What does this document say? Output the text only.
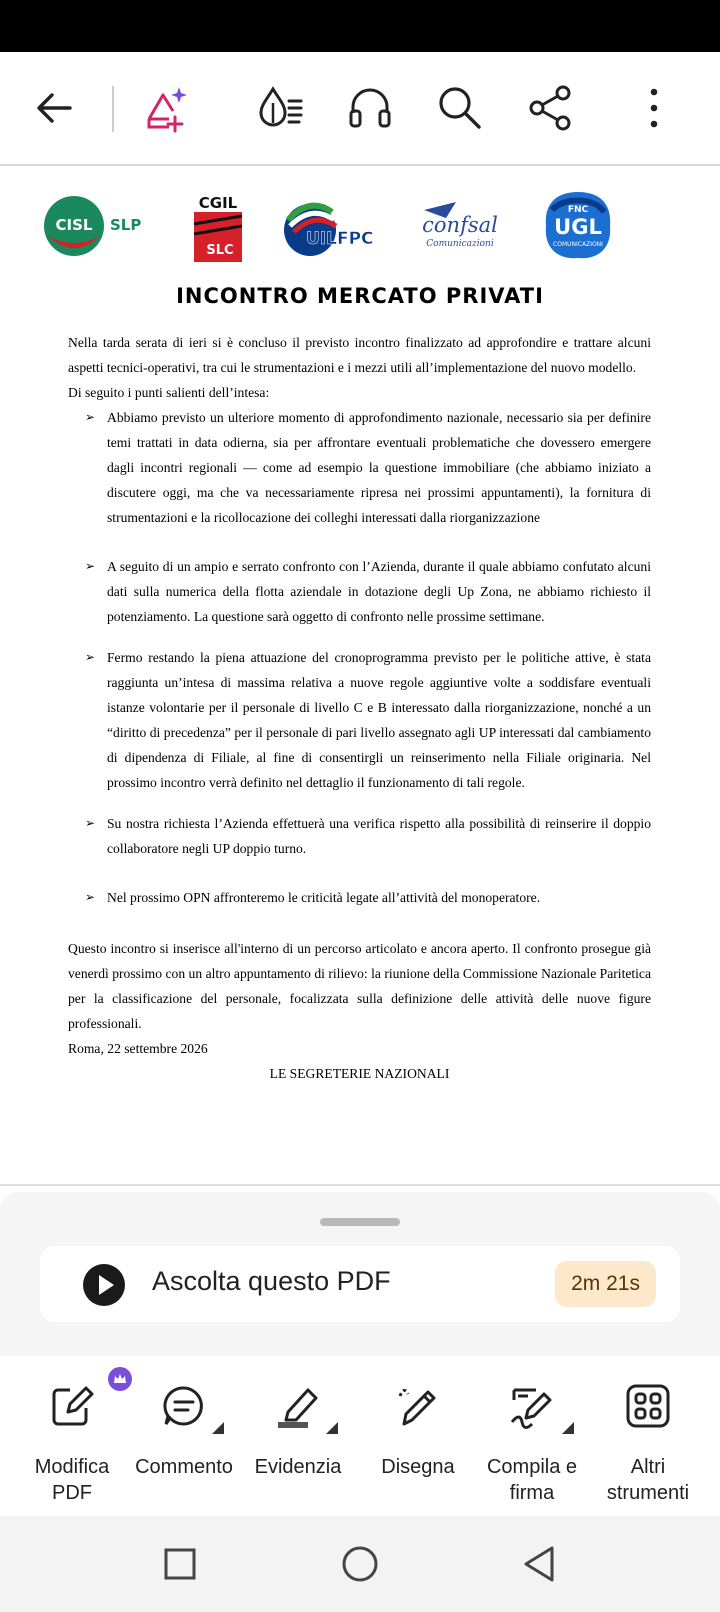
CISL SLP
CGIL
SLC
UILFPC
confsal
Comunicazioni
FNC
UGL
COMUNICAZIONI
INCONTRO MERCATO PRIVATI

Nella tarda serata di ieri si è concluso il previsto incontro finalizzato ad approfondire e trattare alcuni aspetti tecnici-operativi, tra cui le strumentazioni e i mezzi utili all’implementazione del nuovo modello.

Di seguito i punti salienti dell’intesa:

➢ Abbiamo previsto un ulteriore momento di approfondimento nazionale, necessario sia per definire temi trattati in data odierna, sia per affrontare eventuali problematiche che dovessero emergere dagli incontri regionali — come ad esempio la questione immobiliare (che abbiamo iniziato a discutere oggi, ma che va necessariamente ripresa nei prossimi appuntamenti), la fornitura di strumentazioni e la ricollocazione dei colleghi interessati dalla riorganizzazione
➢ A seguito di un ampio e serrato confronto con l’Azienda, durante il quale abbiamo confutato alcuni dati sulla numerica della flotta aziendale in dotazione degli Up Zona, ne abbiamo richiesto il potenziamento. La questione sarà oggetto di confronto nelle prossime settimane.
➢ Fermo restando la piena attuazione del cronoprogramma previsto per le politiche attive, è stata raggiunta un’intesa di massima relativa a nuove regole aggiuntive volte a soddisfare eventuali istanze volontarie per il personale di livello C e B interessato dalla riorganizzazione, nonché a un “diritto di precedenza” per il personale di pari livello assegnato agli UP interessati dal cambiamento di dipendenza di Filiale, al fine di consentirgli un reinserimento nella Filiale originaria. Nel prossimo incontro verrà definito nel dettaglio il funzionamento di tali regole.
➢ Su nostra richiesta l’Azienda effettuerà una verifica rispetto alla possibilità di reinserire il doppio collaboratore negli UP doppio turno.
➢ Nel prossimo OPN affronteremo le criticità legate all’attività del monoperatore.

Questo incontro si inserisce all'interno di un percorso articolato e ancora aperto. Il confronto prosegue già venerdì prossimo con un altro appuntamento di rilievo: la riunione della Commissione Nazionale Paritetica per la classificazione del personale, focalizzata sulla definizione delle attività delle nuove figure professionali.

Roma, 22 settembre 2026

LE SEGRETERIE NAZIONALI

Ascolta questo PDF	2m 21s
Modifica PDF
Commento	Evidenzia	Disegna	Compila e firma
Altri strumenti
